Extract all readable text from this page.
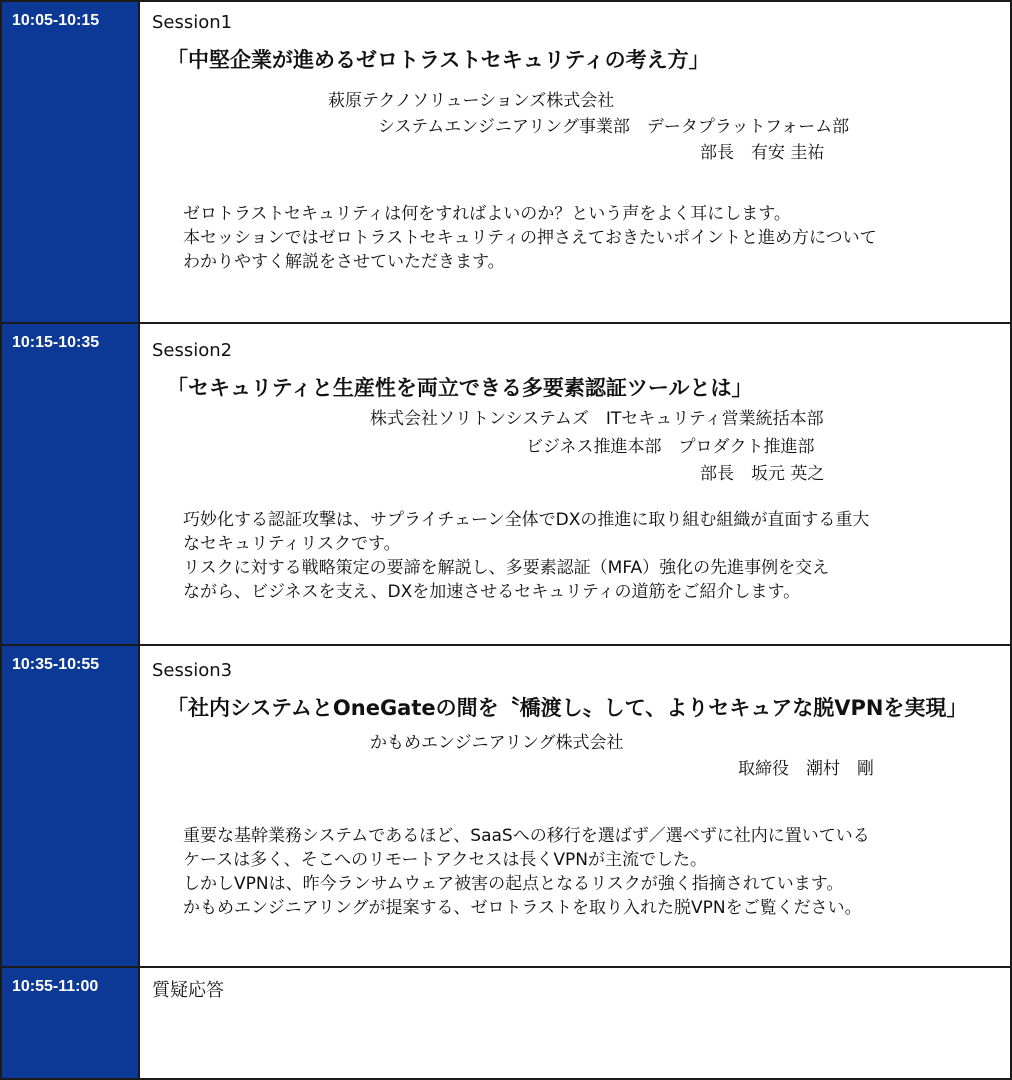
10:05-10:15	Session1
「中堅企業が進めるゼロトラストセキュリティの考え方」
萩原テクノソリューションズ株式会社
システムエンジニアリング事業部　データプラットフォーム部
部長　有安 圭祐
ゼロトラストセキュリティは何をすればよいのか？という声をよく耳にします。
本セッションではゼロトラストセキュリティの押さえておきたいポイントと進め方について
わかりやすく解説をさせていただきます。
10:15-10:35	Session2
「セキュリティと生産性を両立できる多要素認証ツールとは」
株式会社ソリトンシステムズ　ITセキュリティ営業統括本部
ビジネス推進本部　プロダクト推進部
部長　坂元 英之
巧妙化する認証攻撃は、サプライチェーン全体でDXの推進に取り組む組織が直面する重大
なセキュリティリスクです。
リスクに対する戦略策定の要諦を解説し、多要素認証（MFA）強化の先進事例を交え
ながら、ビジネスを支え、DXを加速させるセキュリティの道筋をご紹介します。
10:35-10:55	Session3
「社内システムとOneGateの間を〝橋渡し〟して、よりセキュアな脱VPNを実現」
かもめエンジニアリング株式会社
取締役　潮村　剛
重要な基幹業務システムであるほど、SaaSへの移行を選ばず／選べずに社内に置いている
ケースは多く、そこへのリモートアクセスは長くVPNが主流でした。
しかしVPNは、昨今ランサムウェア被害の起点となるリスクが強く指摘されています。
かもめエンジニアリングが提案する、ゼロトラストを取り入れた脱VPNをご覧ください。
10:55-11:00	質疑応答
